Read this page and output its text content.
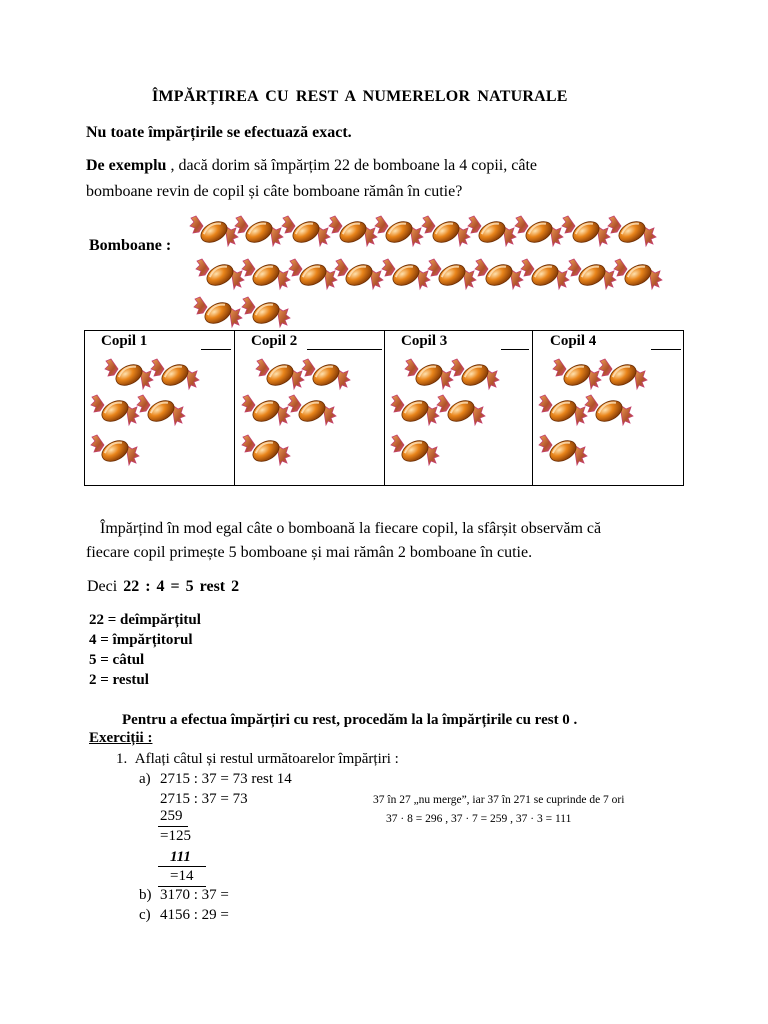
ÎMPĂRȚIREA CU REST A NUMERELOR NATURALE
Nu toate împărțirile se efectuază exact.
De exemplu , dacă dorim să împărțim 22 de bomboane la 4 copii, câte
bomboane revin de copil și câte bomboane rămân în cutie?
Bomboane :
Copil 1	Copil 2	Copil 3	Copil 4
Împărțind în mod egal câte o bomboană la fiecare copil, la sfârșit observăm că
fiecare copil primește 5 bomboane și mai rămân 2 bomboane în cutie.
Deci 22 : 4 = 5 rest 2
22 = deîmpărțitul
4 = împărțitorul
5 = câtul
2 = restul
Pentru a efectua împărțiri cu rest, procedăm la la împărțirile cu rest 0 .
Exerciții :
1. Aflați câtul și restul următoarelor împărțiri :
a) 2715 : 37 = 73 rest 14
2715 : 37 = 73
259
=125
111
=14
b) 3170 : 37 =
c) 4156 : 29 =
37 în 27 „nu merge”, iar 37 în 271 se cuprinde de 7 ori
37 · 8 = 296 , 37 · 7 = 259 , 37 · 3 = 111
